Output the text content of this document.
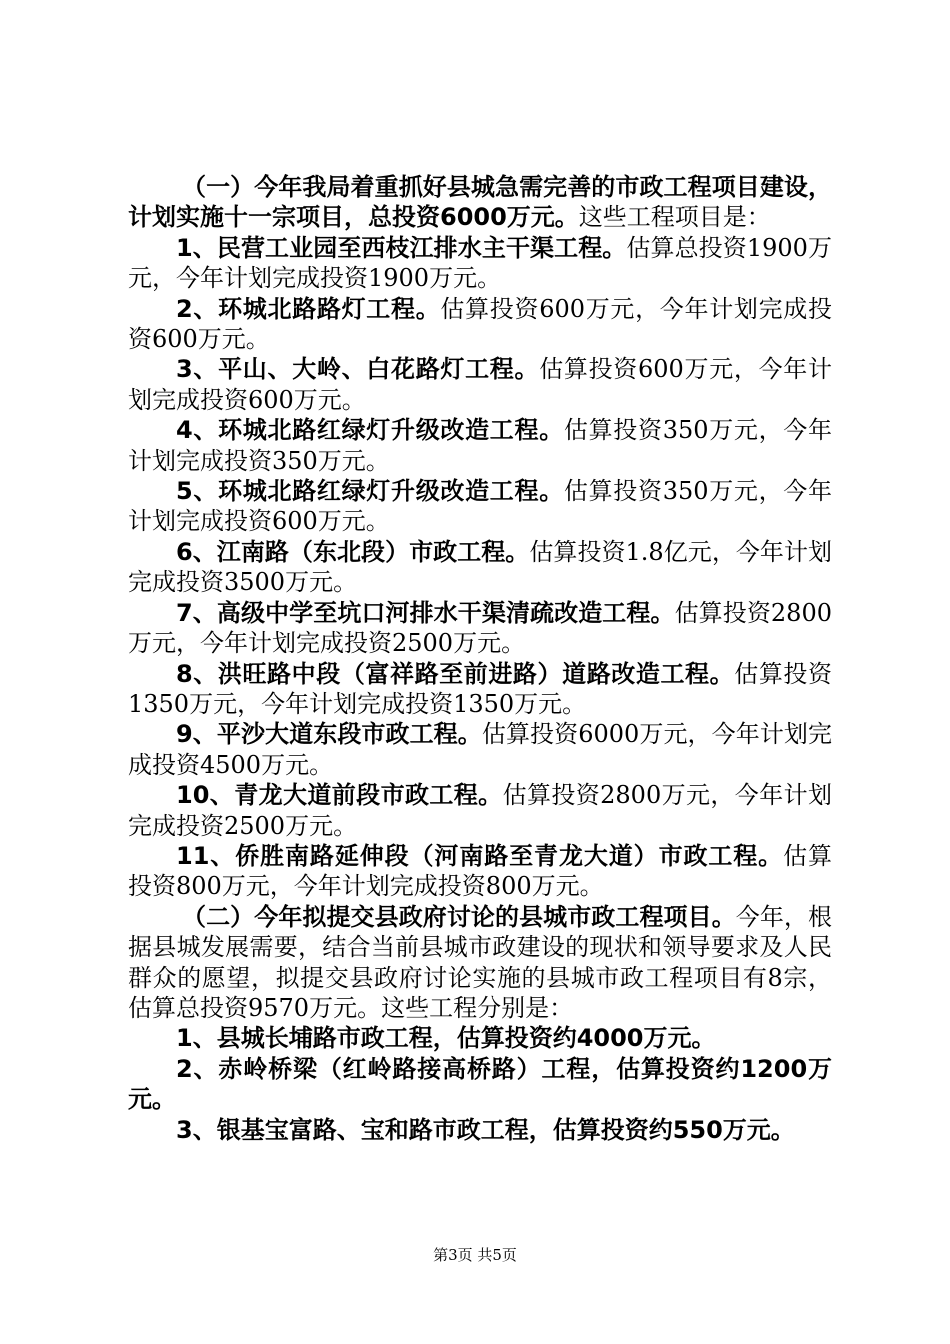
（一）今年我局着重抓好县城急需完善的市政工程项目建设，计划实施十一宗项目，总投资6000万元。这些工程项目是：

1、民营工业园至西枝江排水主干渠工程。估算总投资1900万元，今年计划完成投资1900万元。

2、环城北路路灯工程。估算投资600万元，今年计划完成投资600万元。

3、平山、大岭、白花路灯工程。估算投资600万元，今年计划完成投资600万元。

4、环城北路红绿灯升级改造工程。估算投资350万元，今年计划完成投资350万元。

5、环城北路红绿灯升级改造工程。估算投资350万元，今年计划完成投资600万元。

6、江南路（东北段）市政工程。估算投资1.8亿元，今年计划完成投资3500万元。

7、高级中学至坑口河排水干渠清疏改造工程。估算投资2800万元，今年计划完成投资2500万元。

8、洪旺路中段（富祥路至前进路）道路改造工程。估算投资1350万元，今年计划完成投资1350万元。

9、平沙大道东段市政工程。估算投资6000万元，今年计划完成投资4500万元。

10、青龙大道前段市政工程。估算投资2800万元，今年计划完成投资2500万元。

11、侨胜南路延伸段（河南路至青龙大道）市政工程。估算投资800万元，今年计划完成投资800万元。

（二）今年拟提交县政府讨论的县城市政工程项目。今年，根据县城发展需要，结合当前县城市政建设的现状和领导要求及人民群众的愿望，拟提交县政府讨论实施的县城市政工程项目有8宗，估算总投资9570万元。这些工程分别是：

1、县城长埔路市政工程，估算投资约4000万元。

2、赤岭桥梁（红岭路接高桥路）工程，估算投资约1200万元。

3、银基宝富路、宝和路市政工程，估算投资约550万元。

第3页 共5页
